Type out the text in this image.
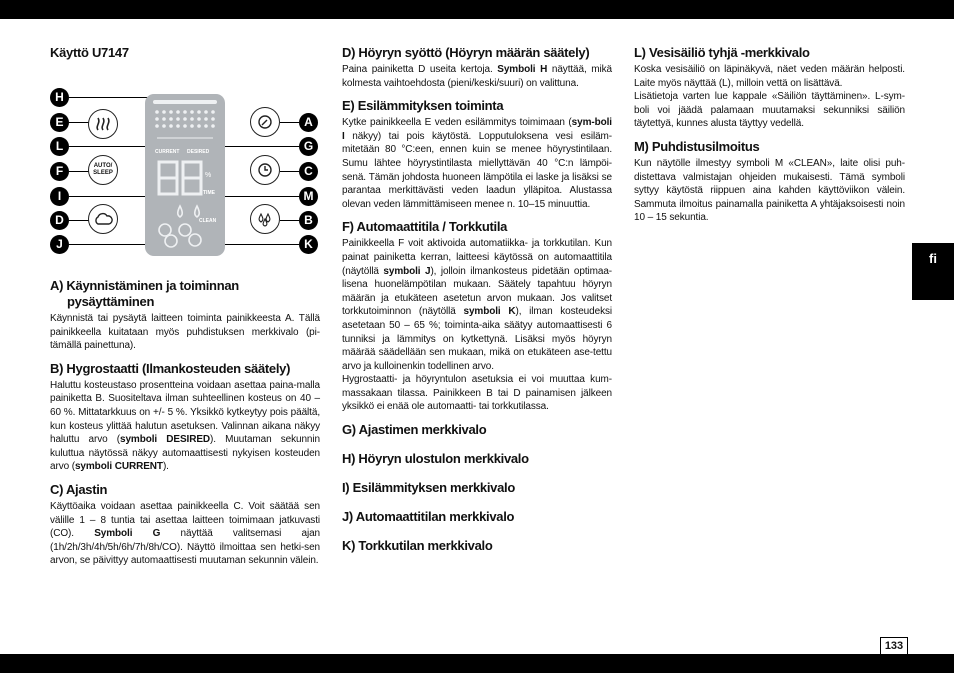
fi
133
Käyttö U7147
H
E
L
F
I
D
J
A
G
C
M
B
K
AUTO/
SLEEP
CURRENT DESIRED
%
TIME
CLEAN
A) Käynnistäminen ja toiminnan pysäyttäminen

Käynnistä tai pysäytä laitteen toiminta painikkeesta A. Tällä painikkeella kuitataan myös puhdistuksen merkkivalo (pi-tämällä painettuna).

B) Hygrostaatti (Ilmankosteuden säätely)

Haluttu kosteustaso prosentteina voidaan asettaa paina-malla painiketta B. Suositeltava ilman suhteellinen kosteus on 40 – 60 %. Mittatarkkuus on +/- 5 %. Yksikkö kytkeytyy pois päältä, kun kosteus ylittää halutun asetuksen. Valinnan aikana näkyy haluttu arvo (symboli DESIRED). Muutaman sekunnin kuluttua näytössä näkyy automaattisesti nykyisen kosteuden arvo (symboli CURRENT).

C) Ajastin

Käyttöaika voidaan asettaa painikkeella C. Voit säätää sen välille 1 – 8 tuntia tai asettaa laitteen toimimaan jatkuvasti (CO). Symboli G näyttää valitsemasi ajan (1h/2h/3h/4h/5h/6h/7h/8h/CO). Näyttö ilmoittaa sen hetki-sen arvon, se päivittyy automaattisesti muutaman sekunnin välein.

D) Höyryn syöttö (Höyryn määrän säätely)

Paina painiketta D useita kertoja. Symboli H näyttää, mikä kolmesta vaihtoehdosta (pieni/keski/suuri) on valittuna.

E) Esilämmityksen toiminta

Kytke painikkeella E veden esilämmitys toimimaan (sym-boli I näkyy) tai pois käytöstä. Lopputuloksena vesi esiläm-mitetään 80 °C:een, ennen kuin se menee höyrystintilaan. Sumu lähtee höyrystintilasta miellyttävän 40 °C:n lämpöi-senä. Tämän johdosta huoneen lämpötila ei laske ja lisäksi se parantaa merkittävästi veden laadun ylläpitoa. Alustassa olevan veden lämmittämiseen menee n. 10–15 minuuttia.

F) Automaattitila / Torkkutila

Painikkeella F voit aktivoida automatiikka- ja torkkutilan. Kun painat painiketta kerran, laitteesi käytössä on automaattitila (näytöllä symboli J), jolloin ilmankosteus pidetään optimaa-lisena huonelämpötilan mukaan. Säätely tapahtuu höyryn määrän ja etukäteen asetetun arvon mukaan. Jos valitset torkkutoiminnon (näytöllä symboli K), ilman kosteudeksi asetetaan 50 – 65 %; toiminta-aika säätyy automaattisesti 6 tunniksi ja lämmitys on kytkettynä. Lisäksi myös höyryn määrää säädellään sen mukaan, mikä on etukäteen ase-tettu arvo ja kulloinenkin todellinen arvo.

Hygrostaatti- ja höyryntulon asetuksia ei voi muuttaa kum-massakaan tilassa. Painikkeen B tai D painamisen jälkeen yksikkö ei enää ole automaatti- tai torkkutilassa.

G) Ajastimen merkkivalo
H) Höyryn ulostulon merkkivalo
I) Esilämmityksen merkkivalo
J) Automaattitilan merkkivalo
K) Torkkutilan merkkivalo
L) Vesisäiliö tyhjä -merkkivalo

Koska vesisäiliö on läpinäkyvä, näet veden määrän helposti. Laite myös näyttää (L), milloin vettä on lisättävä.

Lisätietoja varten lue kappale «Säiliön täyttäminen». L-sym-boli voi jäädä palamaan muutamaksi sekunniksi säiliön täytettyä, kunnes alusta täyttyy vedellä.

M) Puhdistusilmoitus

Kun näytölle ilmestyy symboli M «CLEAN», laite olisi puh-distettava valmistajan ohjeiden mukaisesti. Tämä symboli syttyy käytöstä riippuen aina kahden käyttöviikon välein. Sammuta ilmoitus painamalla painiketta A yhtäjaksoisesti noin 10 – 15 sekuntia.
